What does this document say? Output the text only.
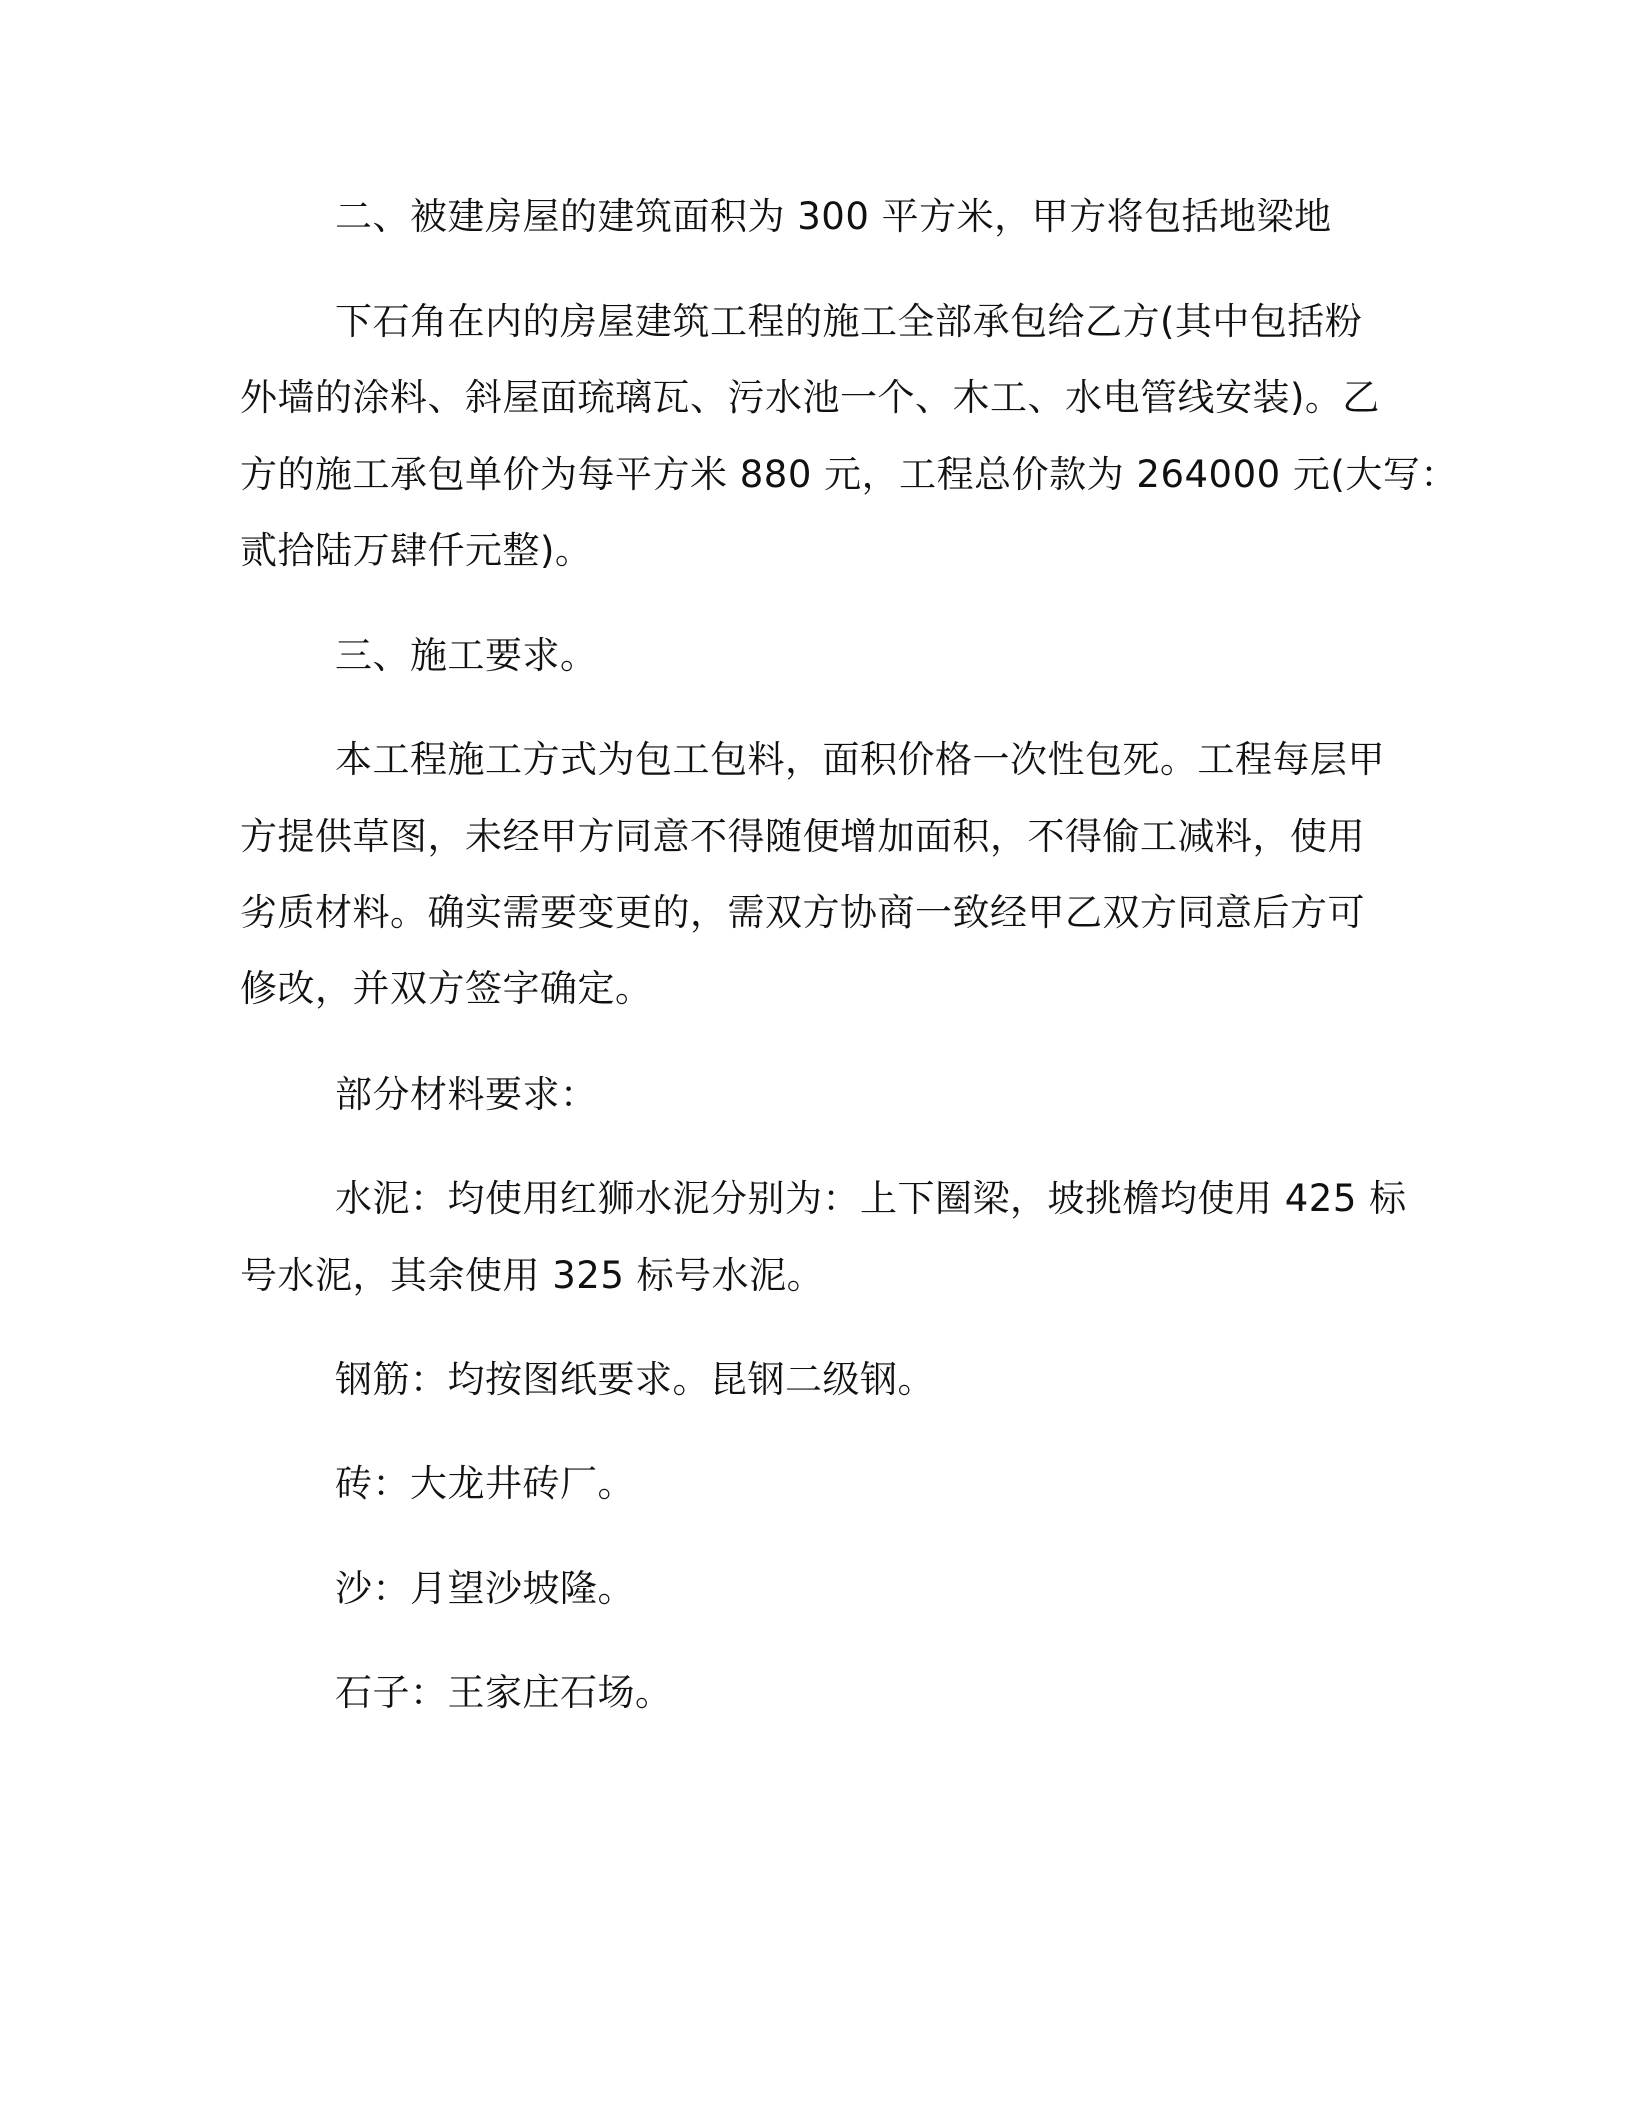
二、被建房屋的建筑面积为 300 平方米，甲方将包括地梁地
下石角在内的房屋建筑工程的施工全部承包给乙方(其中包括粉
外墙的涂料、斜屋面琉璃瓦、污水池一个、木工、水电管线安装)。乙
方的施工承包单价为每平方米 880 元，工程总价款为 264000 元(大写：
贰拾陆万肆仟元整)。
三、施工要求。
本工程施工方式为包工包料，面积价格一次性包死。工程每层甲
方提供草图，未经甲方同意不得随便增加面积，不得偷工减料，使用
劣质材料。确实需要变更的，需双方协商一致经甲乙双方同意后方可
修改，并双方签字确定。
部分材料要求：
水泥：均使用红狮水泥分别为：上下圈梁，坡挑檐均使用 425 标
号水泥，其余使用 325 标号水泥。
钢筋：均按图纸要求。昆钢二级钢。
砖：大龙井砖厂。
沙：月望沙坡隆。
石子：王家庄石场。
